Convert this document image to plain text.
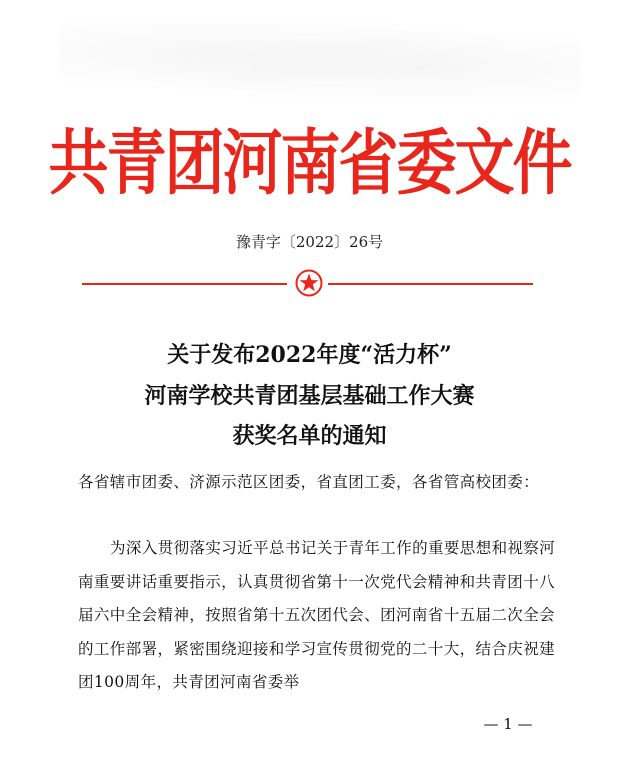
共青团河南省委文件
豫青字〔2022〕26号
关于发布2022年度“活力杯”
河南学校共青团基层基础工作大赛
获奖名单的通知
各省辖市团委、济源示范区团委，省直团工委，各省管高校团委：
为深入贯彻落实习近平总书记关于青年工作的重要思想和视察河南重要讲话重要指示，认真贯彻省第十一次党代会精神和共青团十八届六中全会精神，按照省第十五次团代会、团河南省十五届二次全会的工作部署，紧密围绕迎接和学习宣传贯彻党的二十大，结合庆祝建团100周年，共青团河南省委举
— 1 —
